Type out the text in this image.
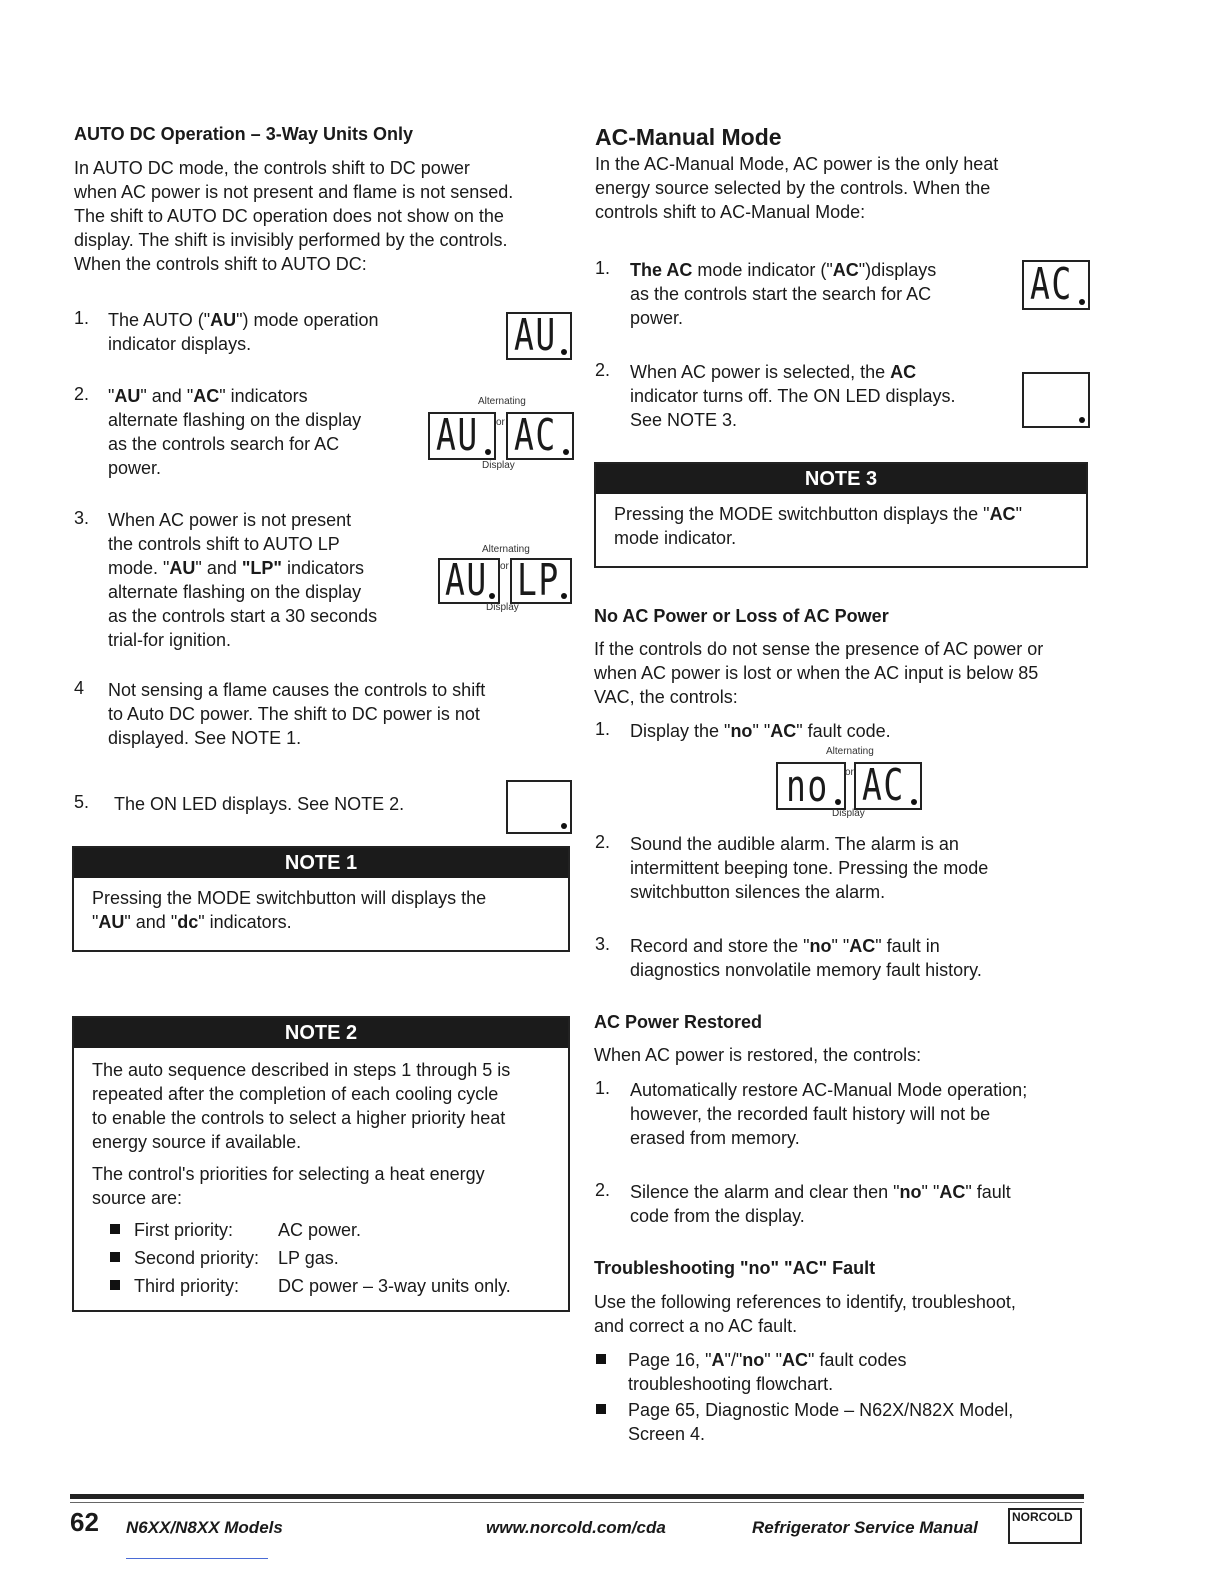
AUTO DC Operation – 3-Way Units Only
In AUTO DC mode, the controls shift to DC power
when AC power is not present and flame is not sensed.
The shift to AUTO DC operation does not show on the
display. The shift is invisibly performed by the controls.
When the controls shift to AUTO DC:
1. The AUTO ("AU") mode operation
indicator displays.	AU
2. "AU" and "AC" indicators
alternate flashing on the display
as the controls search for AC
power.
Alternating
AU or AC
Display
3. When AC power is not present
the controls shift to AUTO LP
mode. "AU" and "LP" indicators
alternate flashing on the display
as the controls start a 30 seconds
trial-for ignition.
Alternating
AU or LP
Display
4 Not sensing a flame causes the controls to shift
to Auto DC power. The shift to DC power is not
displayed. See NOTE 1.
5. The ON LED displays. See NOTE 2.
NOTE 1
Pressing the MODE switchbutton will displays the
"AU" and "dc" indicators.
NOTE 2
The auto sequence described in steps 1 through 5 is
repeated after the completion of each cooling cycle
to enable the controls to select a higher priority heat
energy source if available.
The control's priorities for selecting a heat energy
source are:
First priority:	AC power.
Second priority: LP gas.
Third priority: DC power – 3-way units only.
AC-Manual Mode
In the AC-Manual Mode, AC power is the only heat
energy source selected by the controls. When the
controls shift to AC-Manual Mode:
1. The AC mode indicator ("AC")displays
as the controls start the search for AC
power.
AC
2. When AC power is selected, the AC
indicator turns off. The ON LED displays.
See NOTE 3.
NOTE 3
Pressing the MODE switchbutton displays the "AC"
mode indicator.
No AC Power or Loss of AC Power
If the controls do not sense the presence of AC power or
when AC power is lost or when the AC input is below 85
VAC, the controls:
1. Display the "no" "AC" fault code.
Alternating
no or AC
Display
2. Sound the audible alarm. The alarm is an
intermittent beeping tone. Pressing the mode
switchbutton silences the alarm.
3. Record and store the "no" "AC" fault in
diagnostics nonvolatile memory fault history.
AC Power Restored
When AC power is restored, the controls:
1. Automatically restore AC-Manual Mode operation;
however, the recorded fault history will not be
erased from memory.
2. Silence the alarm and clear then "no" "AC" fault
code from the display.
Troubleshooting "no" "AC" Fault
Use the following references to identify, troubleshoot,
and correct a no AC fault.
Page 16, "A"/"no" "AC" fault codes
troubleshooting flowchart.
Page 65, Diagnostic Mode – N62X/N82X Model,
Screen 4.
62 N6XX/N8XX Models	www.norcold.com/cda	Refrigerator Service Manual
NORCOLD
